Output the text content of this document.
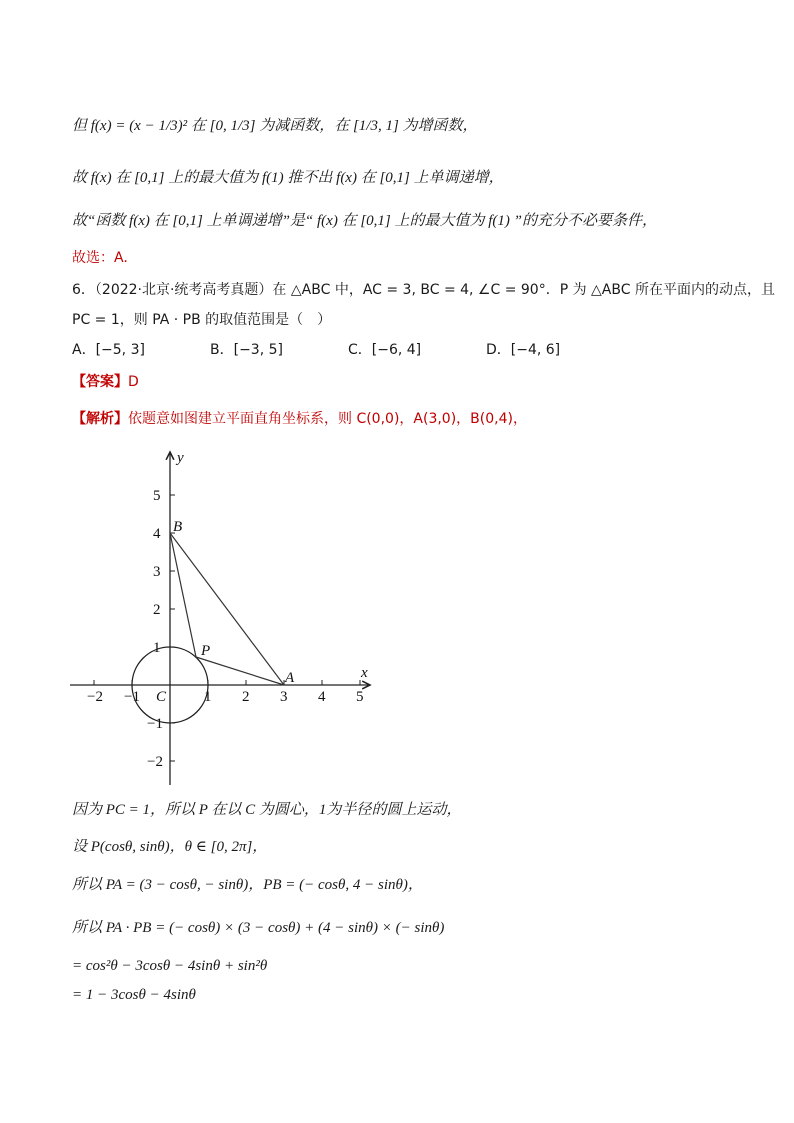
但 f(x) = (x − 1/3)² 在 [0, 1/3] 为减函数，在 [1/3, 1] 为增函数，
故 f(x) 在 [0,1] 上的最大值为 f(1) 推不出 f(x) 在 [0,1] 上单调递增，
故“函数 f(x) 在 [0,1] 上单调递增”是“ f(x) 在 [0,1] 上的最大值为 f(1) ”的充分不必要条件，
故选：A.
6．（2022·北京·统考高考真题）在 △ABC 中，AC = 3, BC = 4, ∠C = 90°．P 为 △ABC 所在平面内的动点，且
PC = 1，则 PA · PB 的取值范围是（　）
A．[−5, 3]	B．[−3, 5]	C．[−6, 4]	D．[−4, 6]
【答案】D
【解析】依题意如图建立平面直角坐标系，则 C(0,0)，A(3,0)，B(0,4)，
−2 −1	1 2 3 4 5
5
4
3
2
1
−1
−2
x
y
B
P
A
C
因为 PC = 1，所以 P 在以 C 为圆心，1为半径的圆上运动，
设 P(cosθ, sinθ)，θ ∈ [0, 2π]，
所以 PA = (3 − cosθ, − sinθ)，PB = (− cosθ, 4 − sinθ)，
所以 PA · PB = (− cosθ) × (3 − cosθ) + (4 − sinθ) × (− sinθ)
= cos²θ − 3cosθ − 4sinθ + sin²θ
= 1 − 3cosθ − 4sinθ
